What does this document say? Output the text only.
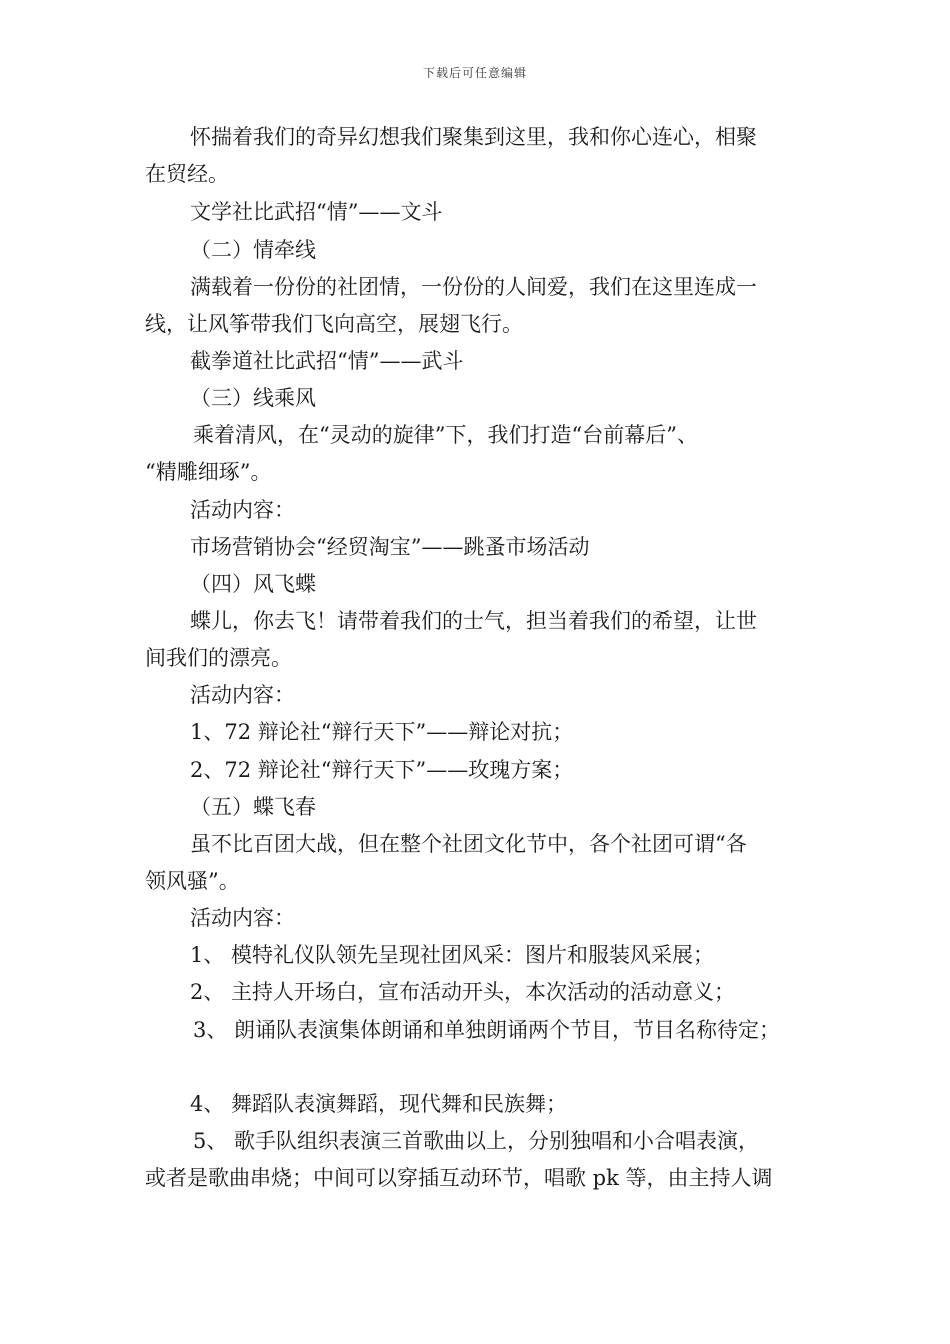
下载后可任意编辑
怀揣着我们的奇异幻想我们聚集到这里，我和你心连心，相聚
在贸经。
文学社比武招“情”——文斗
（二）情牵线
满载着一份份的社团情，一份份的人间爱，我们在这里连成一
线，让风筝带我们飞向高空，展翅飞行。
截拳道社比武招“情”——武斗
（三）线乘风
乘着清风，在“灵动的旋律”下，我们打造“台前幕后”、
“精雕细琢”。
活动内容：
市场营销协会“经贸淘宝”——跳蚤市场活动
（四）风飞蝶
蝶儿，你去飞！请带着我们的士气，担当着我们的希望，让世
间我们的漂亮。
活动内容：
1、72 辩论社“辩行天下”——辩论对抗；
2、72 辩论社“辩行天下”——玫瑰方案；
（五）蝶飞春
虽不比百团大战，但在整个社团文化节中，各个社团可谓“各
领风骚”。
活动内容：
1、 模特礼仪队领先呈现社团风采：图片和服装风采展；
2、 主持人开场白，宣布活动开头，本次活动的活动意义；
3、 朗诵队表演集体朗诵和单独朗诵两个节目，节目名称待定；
4、 舞蹈队表演舞蹈，现代舞和民族舞；
5、 歌手队组织表演三首歌曲以上，分别独唱和小合唱表演，
或者是歌曲串烧；中间可以穿插互动环节，唱歌 pk 等，由主持人调
